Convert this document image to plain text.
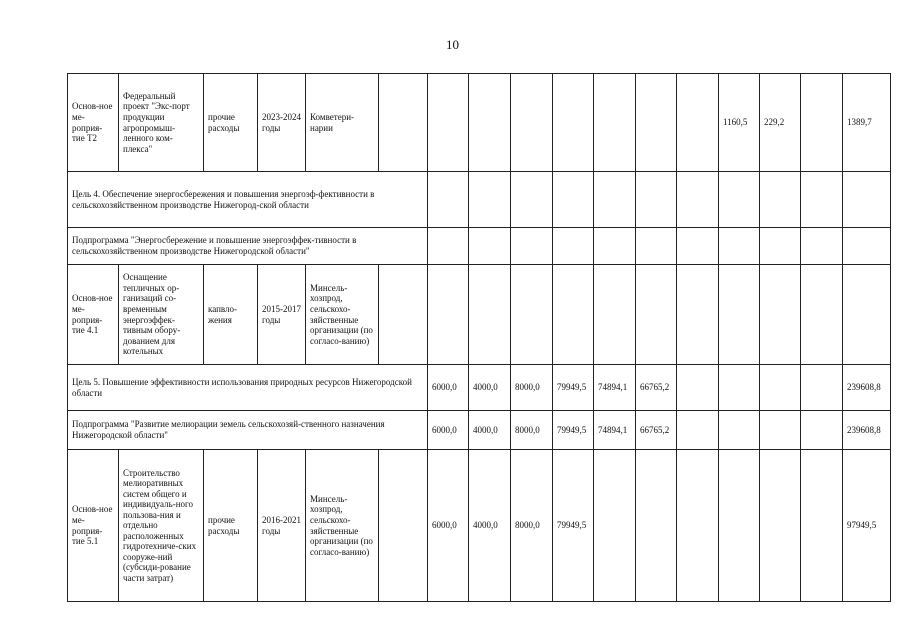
10
Основ-ное ме-роприя-тие Т2	Федеральный проект "Экс-порт продукции агропромыш-ленного ком-плекса"	прочие расходы	2023-2024 годы	Комветери-нарии									1160,5	229,2		1389,7
Цель 4. Обеспечение энергосбережения и повышения энергоэф-фективности в сельскохозяйственном производстве Нижегород-ской области																
Подпрограмма "Энергосбережение и повышение энергоэффек-тивности в сельскохозяйственном производстве Нижегородской области"																
Основ-ное ме-роприя-тие 4.1	Оснащение тепличных ор-ганизаций со-временным энергоэффек-тивным обору-дованием для котельных	капвло-жения	2015-2017 годы	Минсель-хозпрод, сельскохо-зяйственные организации (по согласо-ванию)												
Цель 5. Повышение эффективности использования природных ресурсов Нижегородской области						6000,0	4000,0	8000,0	79949,5	74894,1	66765,2					239608,8
Подпрограмма "Развитие мелиорации земель сельскохозяй-ственного назначения Нижегородской области"						6000,0	4000,0	8000,0	79949,5	74894,1	66765,2					239608,8
Основ-ное ме-роприя-тие 5.1	Строительство мелиоративных систем общего и индивидуаль-ного пользова-ния и отдельно расположенных гидротехниче-ских сооруже-ний (субсиди-рование части затрат)	прочие расходы	2016-2021 годы	Минсель-хозпрод, сельскохо-зяйственные организации (по согласо-ванию)		6000,0	4000,0	8000,0	79949,5							97949,5
